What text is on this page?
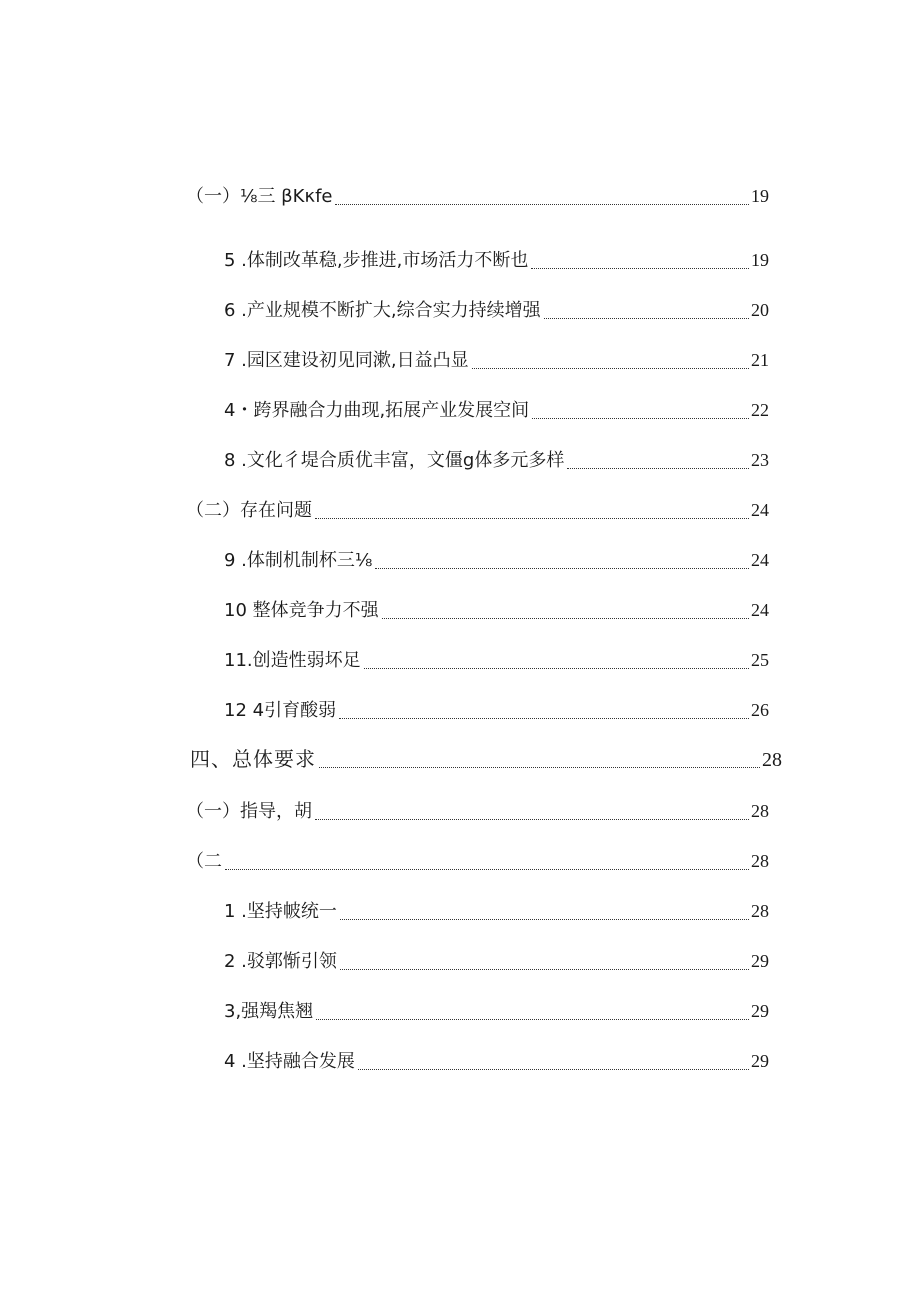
（一）⅛三 βKκfe	19
5 .体制改革稳,步推进,市场活力不断也	19
6 .产业规模不断扩大,综合实力持续增强	20
7 .园区建设初见同漱,日益凸显	21
4・跨界融合力曲现,拓展产业发展空间	22
8 .文化彳堤合质优丰富，文僵g体多元多样	23
（二）存在问题	24
9 .体制机制杯三⅛	24
10 整体竞争力不强	24
11.创造性弱坏足	25
12 4引育酸弱	26
四、总体要求	28
（一）指导，胡	28
（二	28
1 .坚持帔统一	28
2 .驳郭惭引领	29
3,强羯焦翘	29
4 .坚持融合发展	29
